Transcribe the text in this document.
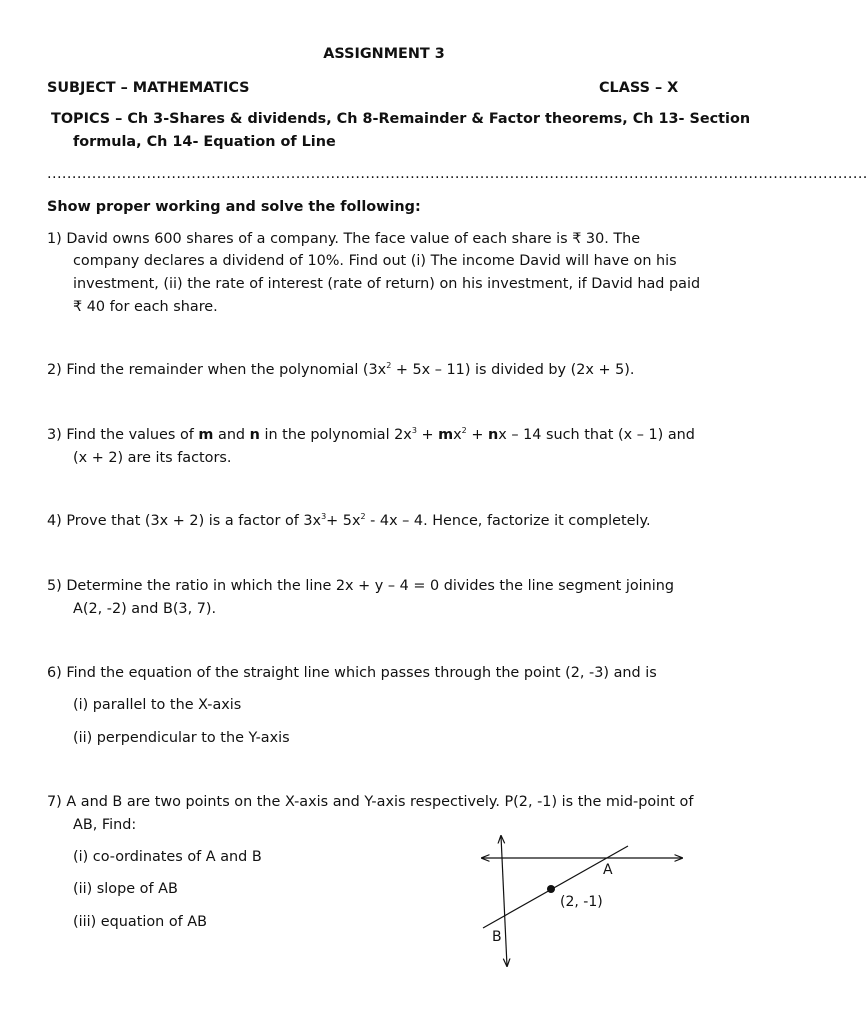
ASSIGNMENT 3
SUBJECT – MATHEMATICS	CLASS – X
TOPICS – Ch 3-Shares & dividends, Ch 8-Remainder & Factor theorems, Ch 13- Section
formula, Ch 14- Equation of Line
.....................................................................................................................................................................
Show proper working and solve the following:
1) David owns 600 shares of a company. The face value of each share is ₹ 30. The
company declares a dividend of 10%. Find out (i) The income David will have on his
investment, (ii) the rate of interest (rate of return) on his investment, if David had paid
₹ 40 for each share.
2) Find the remainder when the polynomial $(3x^2 + 5x - 11)$ is divided by (2x + 5).
3) Find the values of m and n in the polynomial $2x^3 + mx^2$ + nx – 14 such that (x – 1) and
(x + 2) are its factors.
4) Prove that (3x + 2) is a factor of $3x^3+ 5x^2 - 4x - 4$. Hence, factorize it completely.
5) Determine the ratio in which the line 2x + y – 4 = 0 divides the line segment joining
A(2, -2) and B(3, 7).
6) Find the equation of the straight line which passes through the point (2, -3) and is
(i) parallel to the X-axis
(ii) perpendicular to the Y-axis
7) A and B are two points on the X-axis and Y-axis respectively. P(2, -1) is the mid-point of
AB, Find:
(i) co-ordinates of A and B
(ii) slope of AB
(iii) equation of AB
A
B
(2, -1)
